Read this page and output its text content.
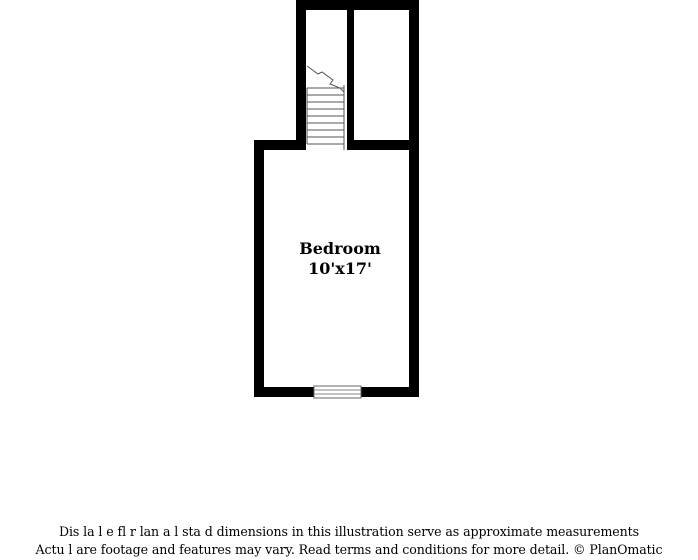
Bedroom
10'x17'
Dis la l e fl r lan a l sta d dimensions in this illustration serve as approximate measurements
Actu l are footage and features may vary. Read terms and conditions for more detail. © PlanOmatic
